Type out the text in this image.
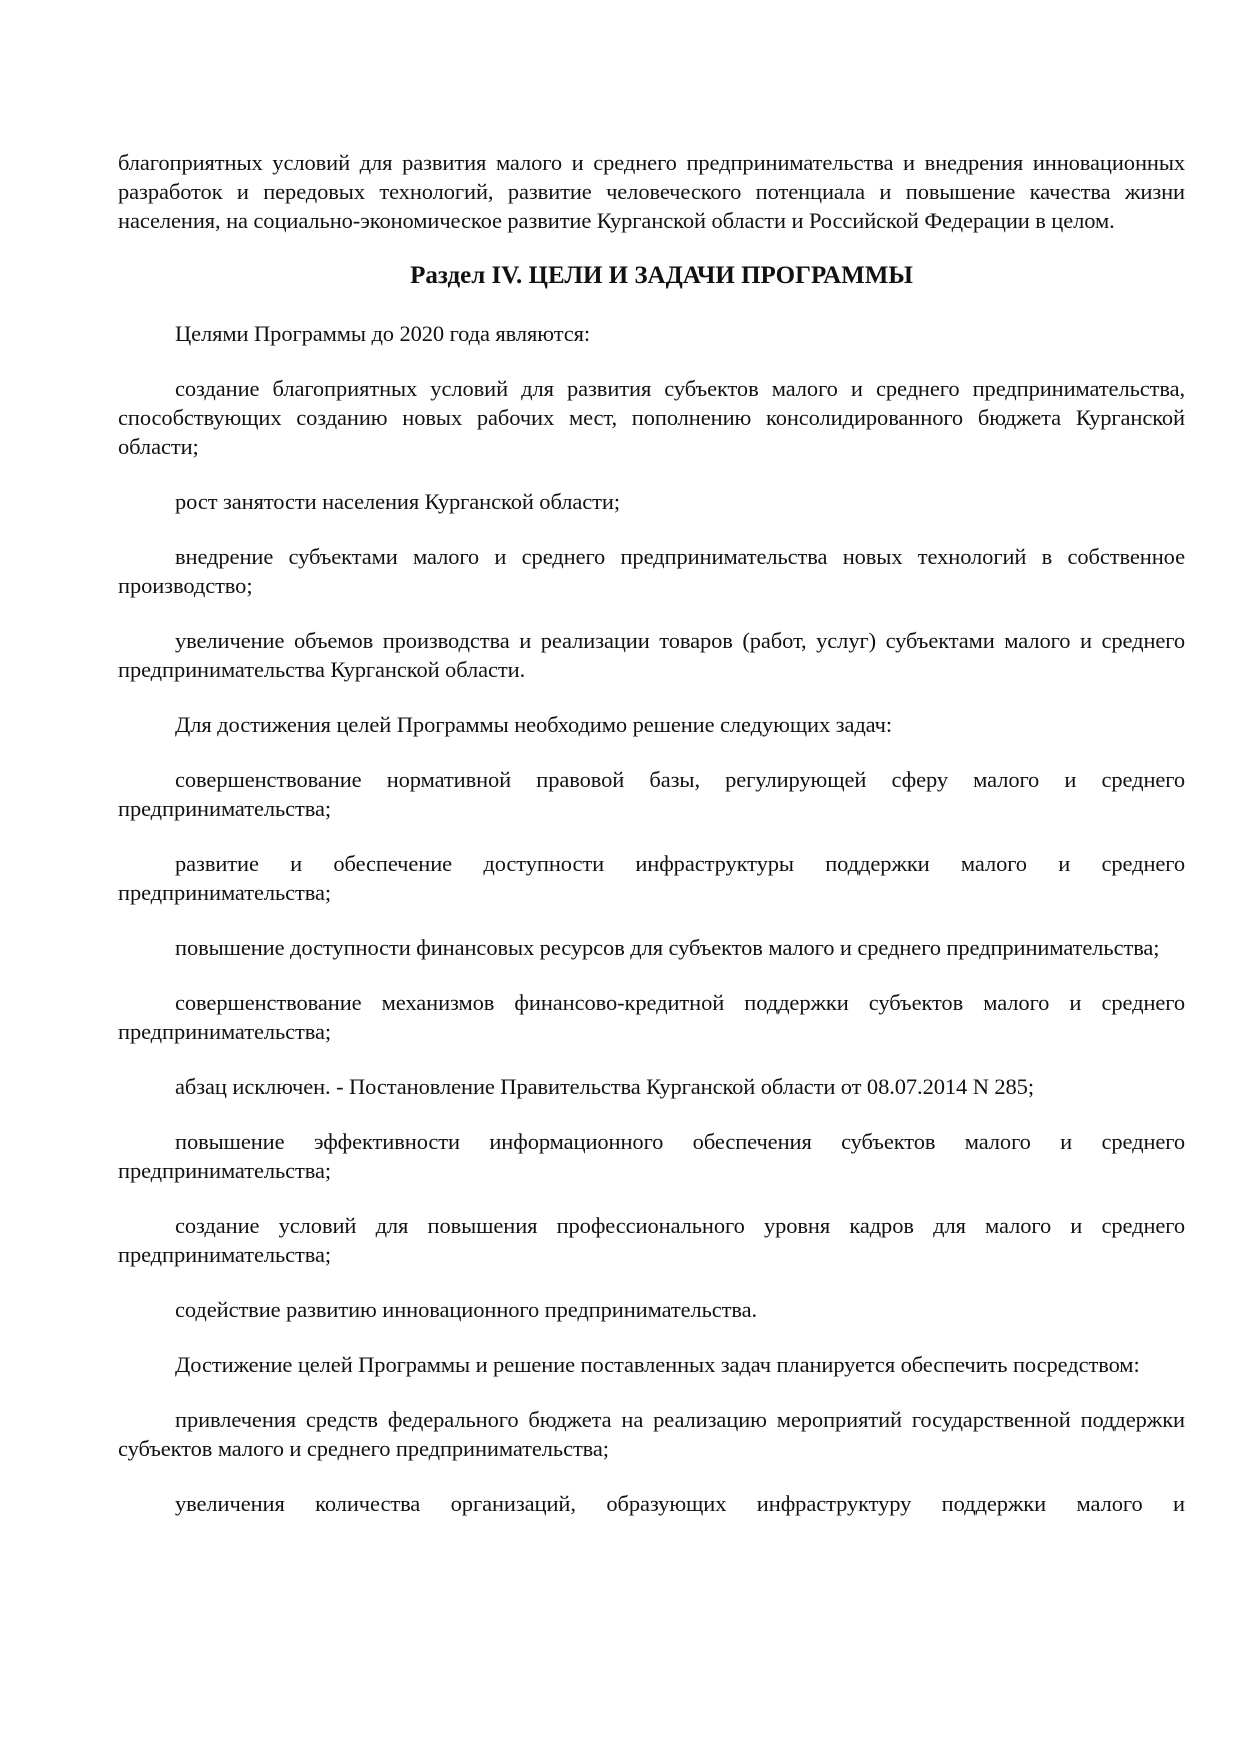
благоприятных условий для развития малого и среднего предпринимательства и внедрения инновационных разработок и передовых технологий, развитие человеческого потенциала и повышение качества жизни населения, на социально-экономическое развитие Курганской области и Российской Федерации в целом.

Раздел IV. ЦЕЛИ И ЗАДАЧИ ПРОГРАММЫ

Целями Программы до 2020 года являются:

создание благоприятных условий для развития субъектов малого и среднего предпринимательства, способствующих созданию новых рабочих мест, пополнению консолидированного бюджета Курганской области;

рост занятости населения Курганской области;

внедрение субъектами малого и среднего предпринимательства новых технологий в собственное производство;

увеличение объемов производства и реализации товаров (работ, услуг) субъектами малого и среднего предпринимательства Курганской области.

Для достижения целей Программы необходимо решение следующих задач:

совершенствование нормативной правовой базы, регулирующей сферу малого и среднего предпринимательства;

развитие и обеспечение доступности инфраструктуры поддержки малого и среднего предпринимательства;

повышение доступности финансовых ресурсов для субъектов малого и среднего предпринимательства;

совершенствование механизмов финансово-кредитной поддержки субъектов малого и среднего предпринимательства;

абзац исключен. - Постановление Правительства Курганской области от 08.07.2014 N 285;

повышение эффективности информационного обеспечения субъектов малого и среднего предпринимательства;

создание условий для повышения профессионального уровня кадров для малого и среднего предпринимательства;

содействие развитию инновационного предпринимательства.

Достижение целей Программы и решение поставленных задач планируется обеспечить посредством:

привлечения средств федерального бюджета на реализацию мероприятий государственной поддержки субъектов малого и среднего предпринимательства;

увеличения количества организаций, образующих инфраструктуру поддержки малого и
